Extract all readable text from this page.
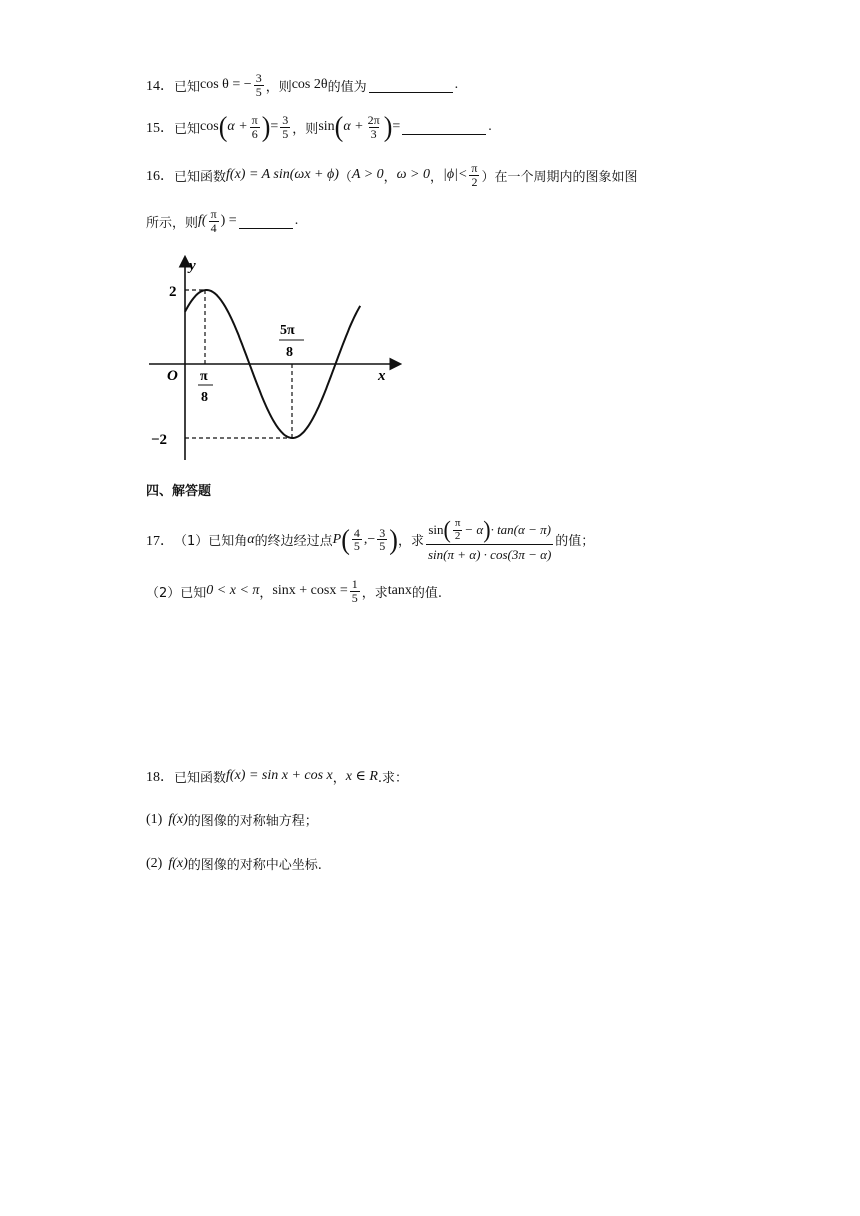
14． 已知 cos θ = − $\frac{3}{5}$ ，则 cos 2θ 的值为	.
15． 已知 cos ( $\alpha + \frac{\pi}{6}$ ) = $\frac{3}{5}$ ，则 sin ( $\alpha + \frac{2\pi}{3}$ ) =	.
16． 已知函数 f(x) = A sin(ωx + ϕ) （ A > 0 ， ω > 0 ， $|\phi|< \frac{\pi}{2}$ ）在一个周期内的图象如图
所示，则 $f( \frac{\pi}{4}$ ) =	.
y
x
O
2
−2
π
8
5π
8
四、解答题
17． （1）已知角 α 的终边经过点 P ( $\frac{4}{5}$ ,− $\frac{3}{5}$ ) ，求
sin ( $\frac{\pi}{2} - \alpha$ ) · tan(α − π)
sin(π + α) · cos(3π − α)
的值；
（2）已知 0 < x < π ， $\sin x + \cos x = \frac{1}{5}$ ，求 tanx 的值.
18． 已知函数 f(x) = sin x + cos x ， x ∈ R .求：
(1) f(x) 的图像的对称轴方程；
(2) f(x) 的图像的对称中心坐标.
